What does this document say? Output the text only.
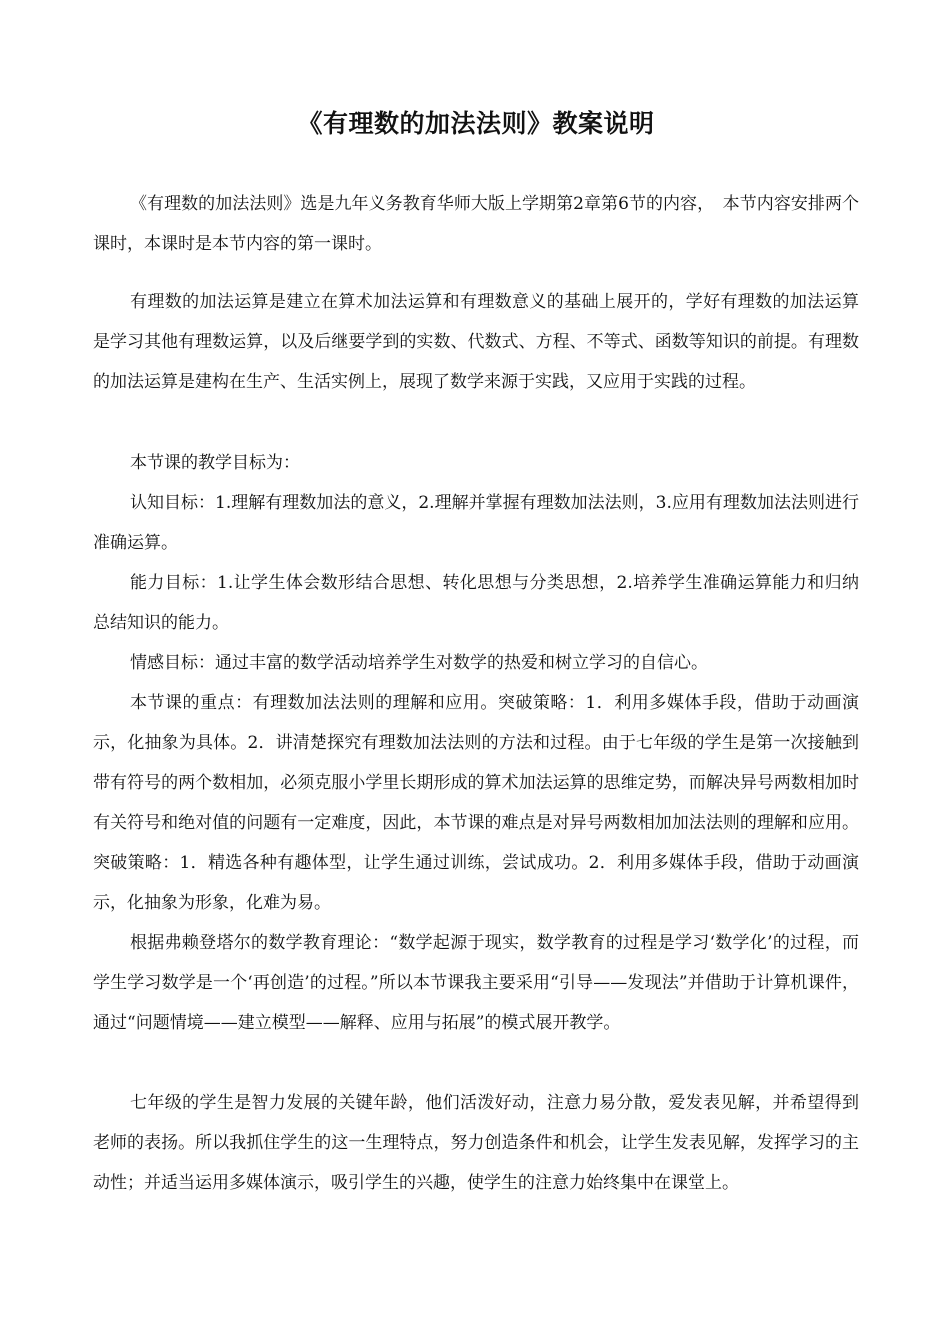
《有理数的加法法则》教案说明

《有理数的加法法则》选是九年义务教育华师大版上学期第2章第6节的内容，　本节内容安排两个课时，本课时是本节内容的第一课时。

有理数的加法运算是建立在算术加法运算和有理数意义的基础上展开的，学好有理数的加法运算是学习其他有理数运算，以及后继要学到的实数、代数式、方程、不等式、函数等知识的前提。有理数的加法运算是建构在生产、生活实例上，展现了数学来源于实践，又应用于实践的过程。

本节课的教学目标为：

认知目标：1.理解有理数加法的意义，2.理解并掌握有理数加法法则，3.应用有理数加法法则进行准确运算。

能力目标：1.让学生体会数形结合思想、转化思想与分类思想，2.培养学生准确运算能力和归纳总结知识的能力。

情感目标：通过丰富的数学活动培养学生对数学的热爱和树立学习的自信心。

本节课的重点：有理数加法法则的理解和应用。突破策略：1．利用多媒体手段，借助于动画演示，化抽象为具体。2．讲清楚探究有理数加法法则的方法和过程。由于七年级的学生是第一次接触到带有符号的两个数相加，必须克服小学里长期形成的算术加法运算的思维定势，而解决异号两数相加时有关符号和绝对值的问题有一定难度，因此，本节课的难点是对异号两数相加加法法则的理解和应用。突破策略：1．精选各种有趣体型，让学生通过训练，尝试成功。2．利用多媒体手段，借助于动画演示，化抽象为形象，化难为易。

根据弗赖登塔尔的数学教育理论：“数学起源于现实，数学教育的过程是学习‘数学化’的过程，而学生学习数学是一个‘再创造’的过程。”所以本节课我主要采用“引导——发现法”并借助于计算机课件，通过“问题情境——建立模型——解释、应用与拓展”的模式展开教学。

七年级的学生是智力发展的关键年龄，他们活泼好动，注意力易分散，爱发表见解，并希望得到老师的表扬。所以我抓住学生的这一生理特点，努力创造条件和机会，让学生发表见解，发挥学习的主动性；并适当运用多媒体演示，吸引学生的兴趣，使学生的注意力始终集中在课堂上。
